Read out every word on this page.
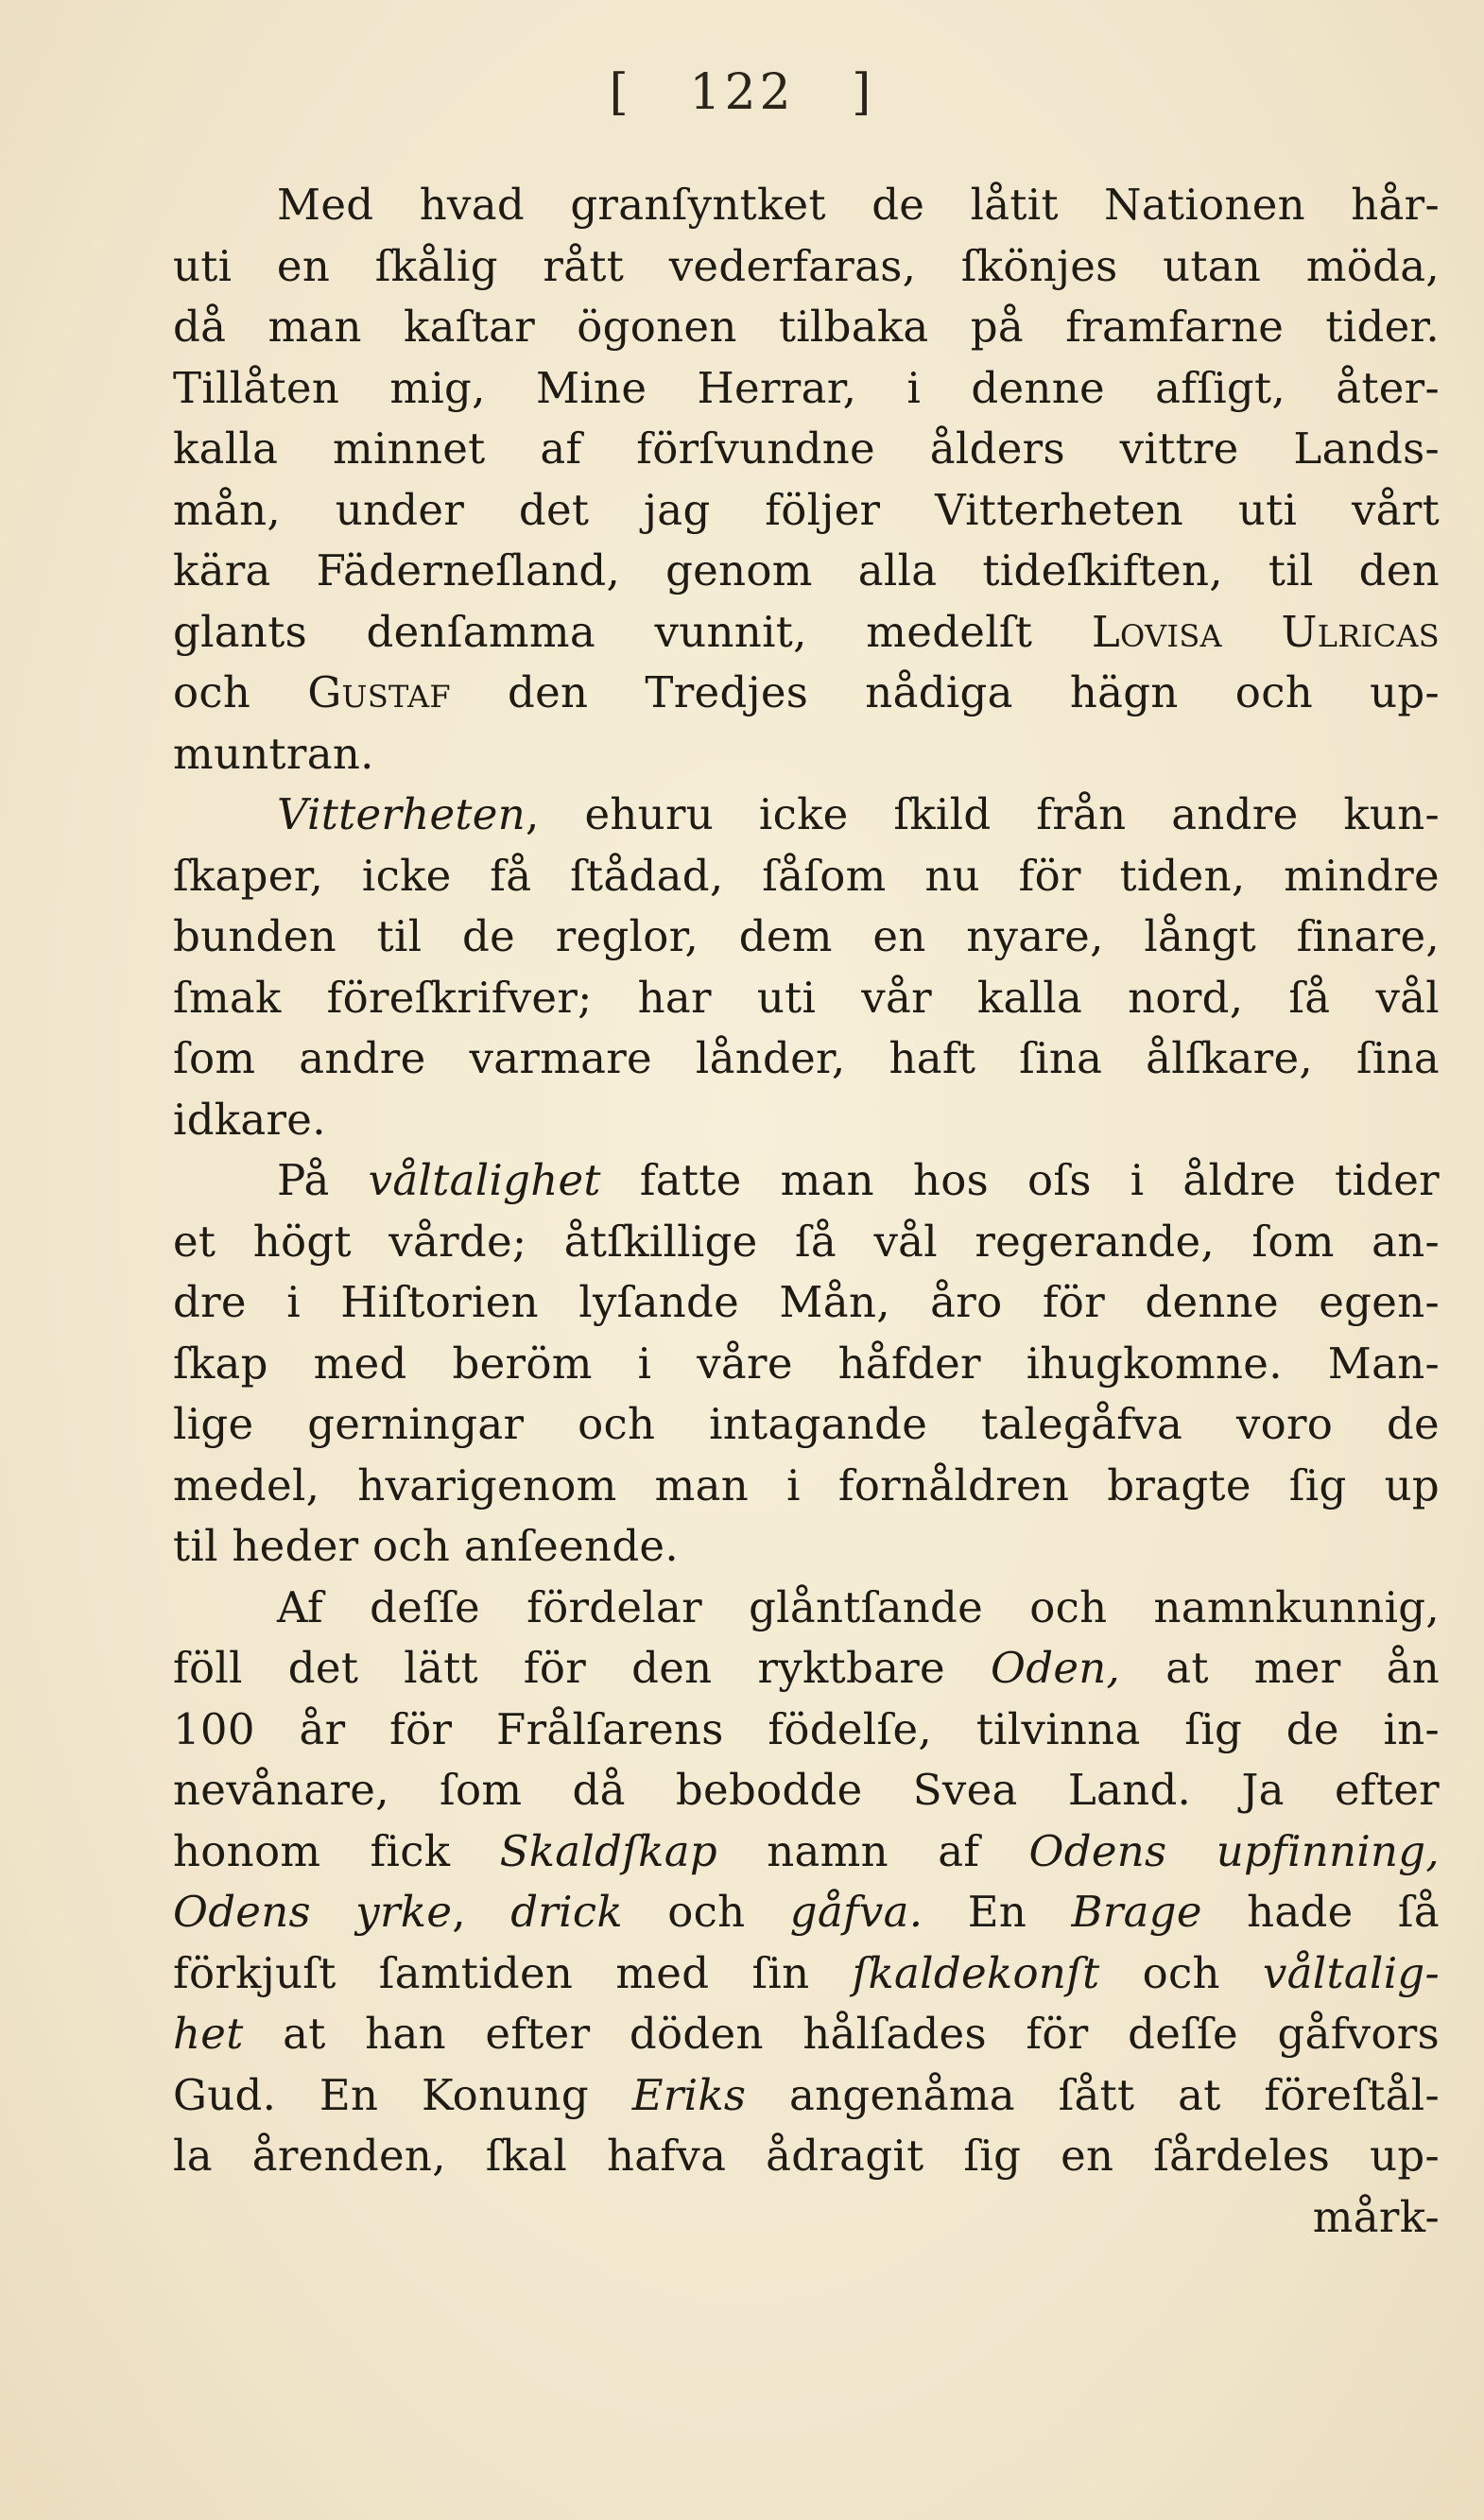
[ 122 ]
Med hvad granſyntket de låtit Nationen hår-
uti en ſkålig rått vederfaras, ſkönjes utan möda,
då man kaſtar ögonen tilbaka på framfarne tider.
Tillåten mig, Mine Herrar, i denne afſigt, åter-
kalla minnet af förſvundne ålders vittre Lands-
mån, under det jag följer Vitterheten uti vårt
kära Fäderneſland, genom alla tideſkiften, til den
glants denſamma vunnit, medelſt Lovisa Ulricas
och Gustaf den Tredjes nådiga hägn och up-
muntran.
Vitterheten, ehuru icke ſkild från andre kun-
ſkaper, icke få ſtådad, ſåſom nu för tiden, mindre
bunden til de reglor, dem en nyare, långt finare,
ſmak föreſkrifver; har uti vår kalla nord, ſå vål
ſom andre varmare lånder, haft ſina ålſkare, ſina
idkare.
På våltalighet fatte man hos oſs i åldre tider
et högt vårde; åtſkillige ſå vål regerande, ſom an-
dre i Hiſtorien lyſande Mån, åro för denne egen-
ſkap med beröm i våre håfder ihugkomne. Man-
lige gerningar och intagande talegåfva voro de
medel, hvarigenom man i fornåldren bragte ſig up
til heder och anſeende.
Af deſſe fördelar glåntſande och namnkunnig,
föll det lätt för den ryktbare Oden, at mer ån
100 år för Frålſarens födelſe, tilvinna ſig de in-
nevånare, ſom då bebodde Svea Land. Ja efter
honom fick Skaldſkap namn af Odens upfinning,
Odens yrke, drick och gåfva. En Brage hade ſå
förkjuſt ſamtiden med ſin ſkaldekonſt och våltalig-
het at han efter döden hålſades för deſſe gåfvors
Gud. En Konung Eriks angenåma ſått at föreſtål-
la årenden, ſkal hafva ådragit ſig en ſårdeles up-
mårk-
